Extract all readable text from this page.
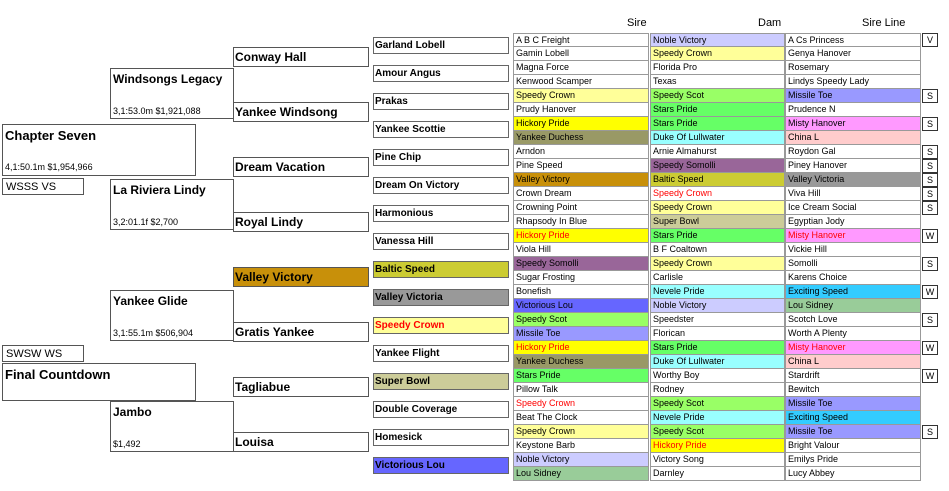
Sire	Dam	Sire Line
Chapter Seven
4,1:50.1m $1,954,966
WSSS VS
SWSW WS
Final Countdown
Windsongs Legacy
3,1:53.0m $1,921,088
La Riviera Lindy
3,2:01.1f $2,700
Yankee Glide
3,1:55.1m $506,904
Jambo
$1,492
Conway Hall
Yankee Windsong
Dream Vacation
Royal Lindy
Valley Victory
Gratis Yankee
Tagliabue
Louisa
Garland Lobell
Amour Angus
Prakas
Yankee Scottie
Pine Chip
Dream On Victory
Harmonious
Vanessa Hill
Baltic Speed
Valley Victoria
Speedy Crown
Yankee Flight
Super Bowl
Double Coverage
Homesick
Victorious Lou
A B C Freight	Noble Victory	A Cs Princess	V
Gamin Lobell	Speedy Crown	Genya Hanover
Magna Force	Florida Pro	Rosemary
Kenwood Scamper	Texas	Lindys Speedy Lady
Speedy Crown	Speedy Scot	Missile Toe	S
Prudy Hanover	Stars Pride	Prudence N
Hickory Pride	Stars Pride	Misty Hanover	S
Yankee Duchess	Duke Of Lullwater	China L
Arndon	Arnie Almahurst	Roydon Gal	S
Pine Speed	Speedy Somolli	Piney Hanover	S
Valley Victory	Baltic Speed	Valley Victoria	S
Crown Dream	Speedy Crown	Viva Hill	S
Crowning Point	Speedy Crown	Ice Cream Social	S
Rhapsody In Blue	Super Bowl	Egyptian Jody
Hickory Pride	Stars Pride	Misty Hanover	W
Viola Hill	B F Coaltown	Vickie Hill
Speedy Somolli	Speedy Crown	Somolli	S
Sugar Frosting	Carlisle	Karens Choice
Bonefish	Nevele Pride	Exciting Speed	W
Victorious Lou	Noble Victory	Lou Sidney
Speedy Scot	Speedster	Scotch Love	S
Missile Toe	Florican	Worth A Plenty
Hickory Pride	Stars Pride	Misty Hanover	W
Yankee Duchess	Duke Of Lullwater	China L
Stars Pride	Worthy Boy	Stardrift	W
Pillow Talk	Rodney	Bewitch
Speedy Crown	Speedy Scot	Missile Toe
Beat The Clock	Nevele Pride	Exciting Speed
Speedy Crown	Speedy Scot	Missile Toe	S
Keystone Barb	Hickory Pride	Bright Valour
Noble Victory	Victory Song	Emilys Pride
Lou Sidney	Darnley	Lucy Abbey
